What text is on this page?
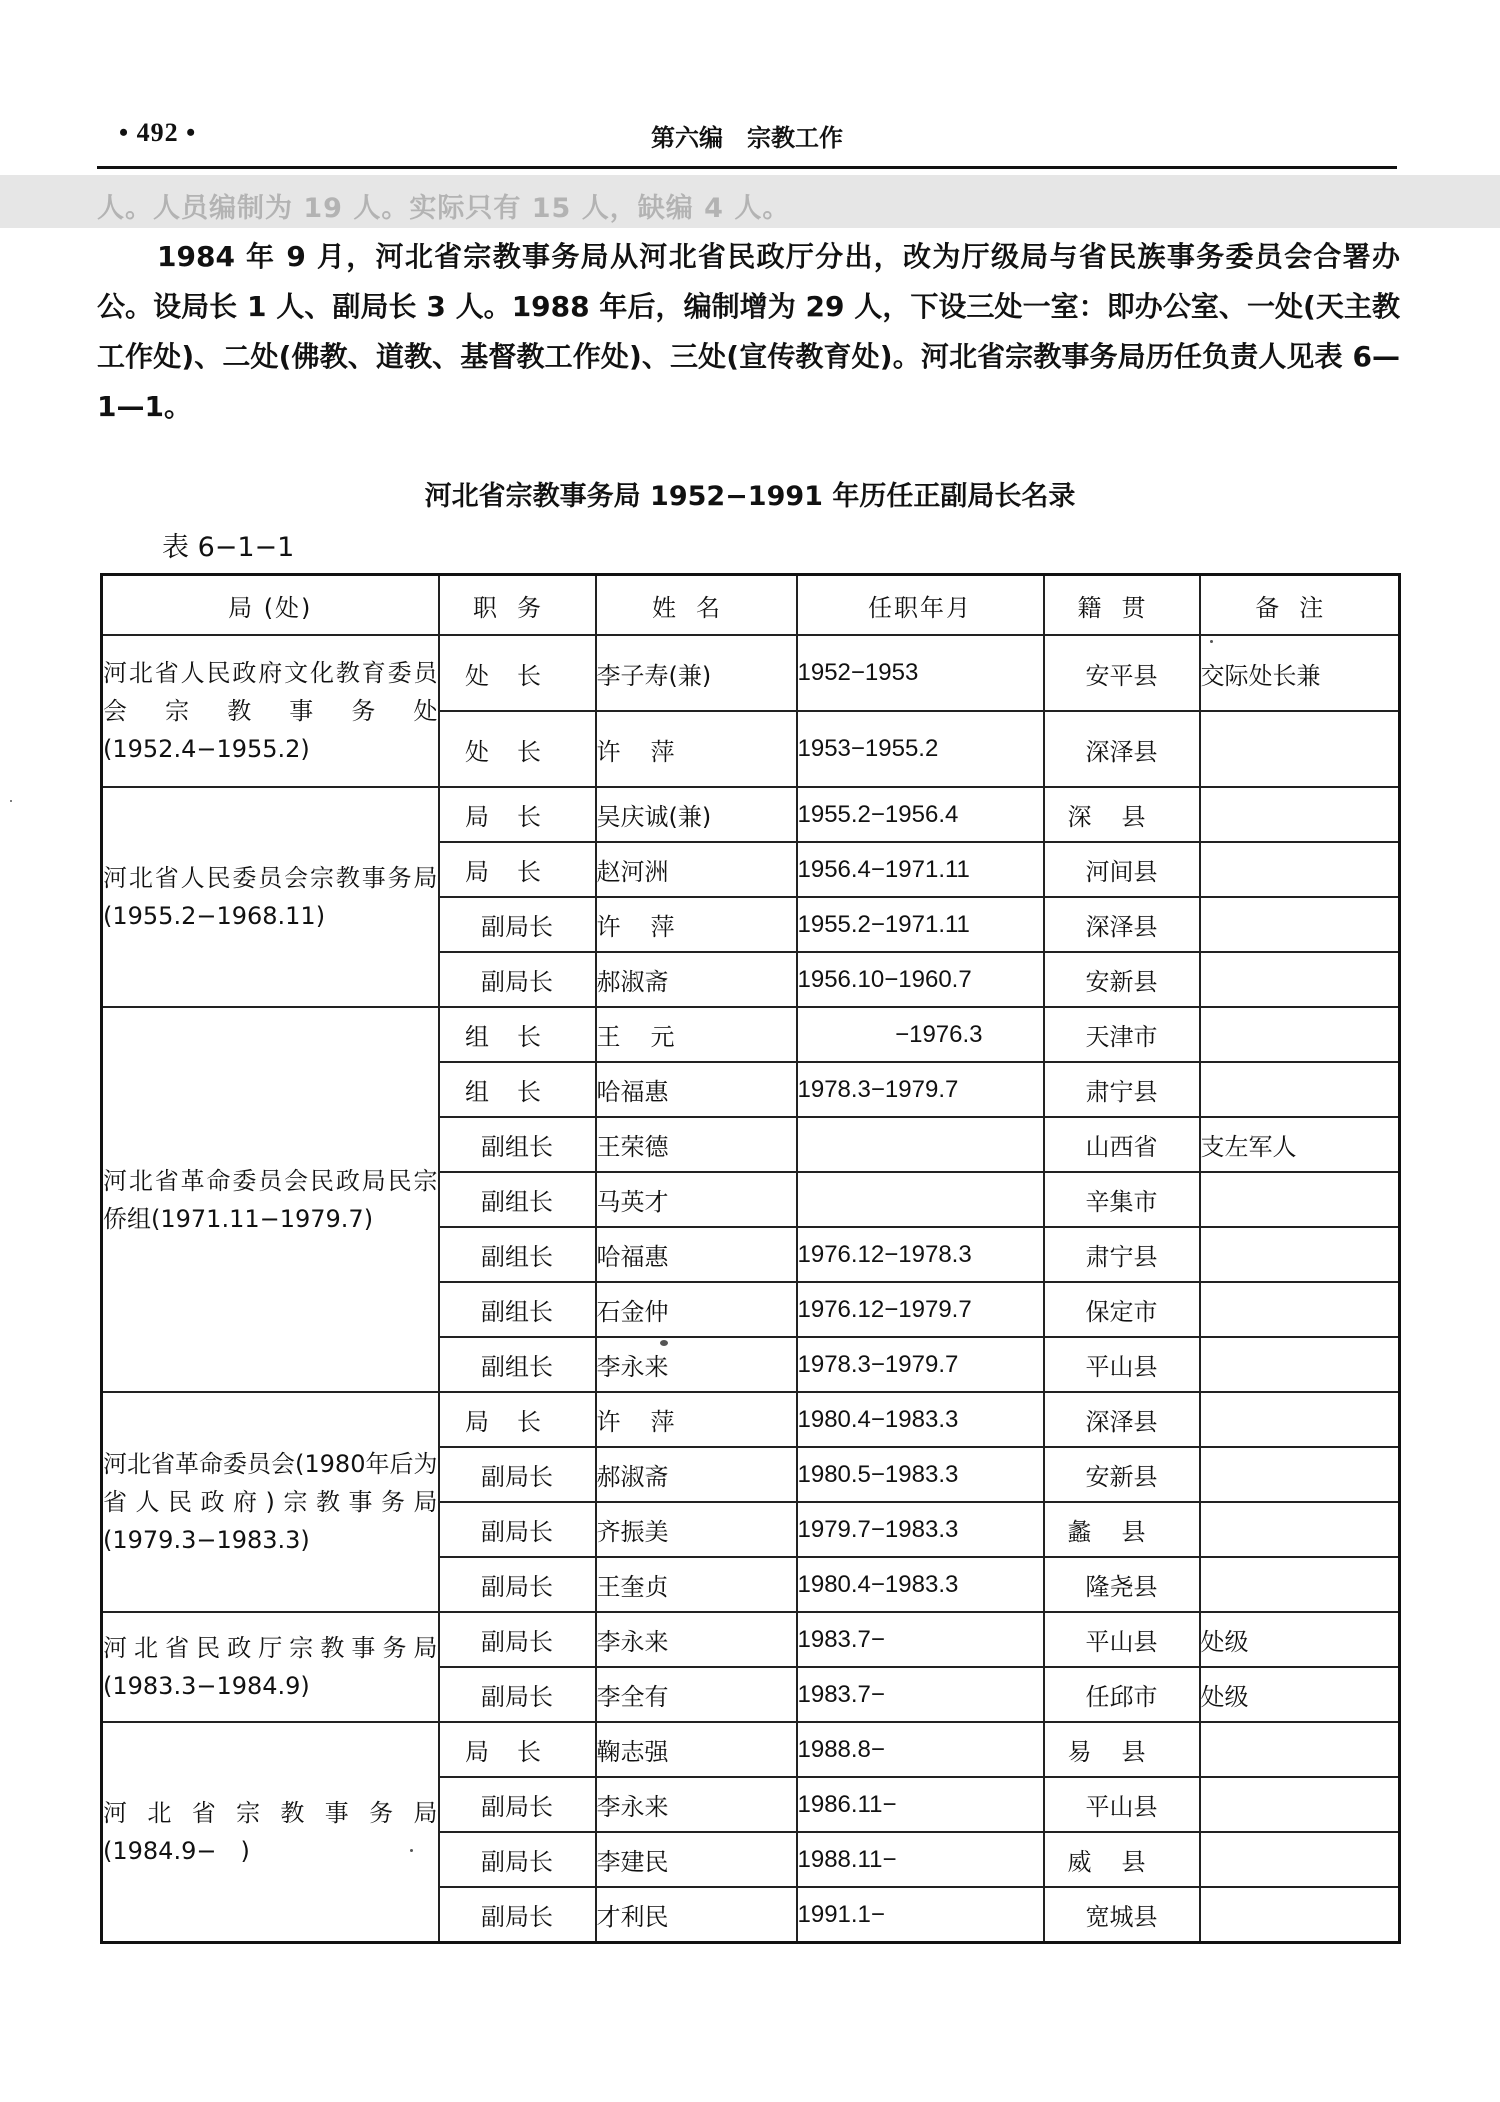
• 492 •	第六编　宗教工作
人。人员编制为 19 人。实际只有 15 人，缺编 4 人。

1984 年 9 月，河北省宗教事务局从河北省民政厅分出，改为厅级局与省民族事务委员会合署办公。设局长 1 人、副局长 3 人。1988 年后，编制增为 29 人，下设三处一室：即办公室、一处(天主教工作处)、二处(佛教、道教、基督教工作处)、三处(宣传教育处)。河北省宗教事务局历任负责人见表 6—1—1。

河北省宗教事务局 1952−1991 年历任正副局长名录
表 6−1−1
局 (处)	职务	姓名	任职年月	籍贯	备注
河北省人民政府文化教育委员会宗教事务处(1952.4−1955.2)	处长	李子寿(兼)	1952−1953	安平县	交际处长兼
	处长	许萍	1953−1955.2	深泽县	
河北省人民委员会宗教事务局(1955.2−1968.11)	局长	吴庆诚(兼)	1955.2−1956.4	深县	
	局长	赵河洲	1956.4−1971.11	河间县	
	副局长	许萍	1955.2−1971.11	深泽县	
	副局长	郝淑斋	1956.10−1960.7	安新县	
河北省革命委员会民政局民宗侨组(1971.11−1979.7)	组长	王元	−1976.3	天津市	
	组长	哈福惠	1978.3−1979.7	肃宁县	
	副组长	王荣德		山西省	支左军人
	副组长	马英才		辛集市	
	副组长	哈福惠	1976.12−1978.3	肃宁县	
	副组长	石金仲	1976.12−1979.7	保定市	
	副组长	李永来	1978.3−1979.7	平山县	
河北省革命委员会(1980年后为省人民政府)宗教事务局(1979.3−1983.3)	局长	许萍	1980.4−1983.3	深泽县	
	副局长	郝淑斋	1980.5−1983.3	安新县	
	副局长	齐振美	1979.7−1983.3	蠡县	
	副局长	王奎贞	1980.4−1983.3	隆尧县	
河北省民政厅宗教事务局(1983.3−1984.9)	副局长	李永来	1983.7−	平山县	处级
	副局长	李全有	1983.7−	任邱市	处级
河北省宗教事务局(1984.9−　)	局长	鞠志强	1988.8−	易县	
	副局长	李永来	1986.11−	平山县	
	副局长	李建民	1988.11−	威县	
	副局长	才利民	1991.1−	宽城县	
